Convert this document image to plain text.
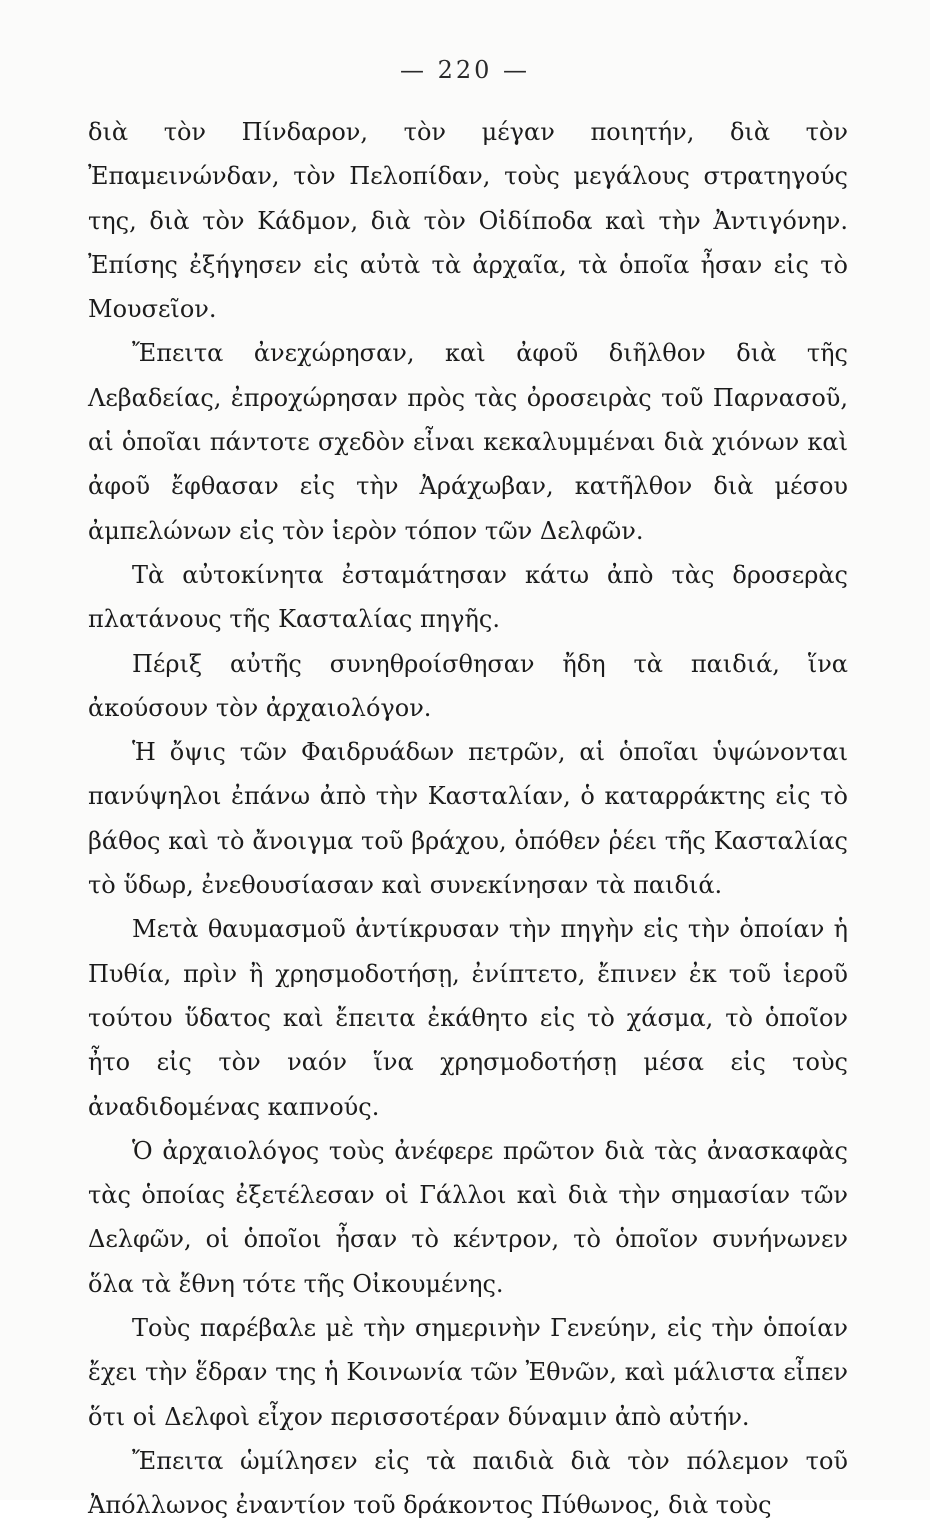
— 220 —

διὰ τὸν Πίνδαρον, τὸν μέγαν ποιητήν, διὰ τὸν Ἐπαμεινώνδαν, τὸν Πελοπίδαν, τοὺς μεγάλους στρατηγούς της, διὰ τὸν Κάδμον, διὰ τὸν Οἰδίποδα καὶ τὴν Ἀντιγόνην. Ἐπίσης ἐξήγησεν εἰς αὐτὰ τὰ ἀρχαῖα, τὰ ὁποῖα ἦσαν εἰς τὸ Μουσεῖον.

Ἔπειτα ἀνεχώρησαν, καὶ ἀφοῦ διῆλθον διὰ τῆς Λεβαδείας, ἐπροχώρησαν πρὸς τὰς ὀροσειρὰς τοῦ Παρνασοῦ, αἱ ὁποῖαι πάντοτε σχεδὸν εἶναι κεκαλυμμέναι διὰ χιόνων καὶ ἀφοῦ ἔφθασαν εἰς τὴν Ἀράχωβαν, κατῆλθον διὰ μέσου ἀμπελώνων εἰς τὸν ἱερὸν τόπον τῶν Δελφῶν.

Τὰ αὐτοκίνητα ἐσταμάτησαν κάτω ἀπὸ τὰς δροσερὰς πλατάνους τῆς Κασταλίας πηγῆς.

Πέριξ αὐτῆς συνηθροίσθησαν ἤδη τὰ παιδιά, ἵνα ἀκούσουν τὸν ἀρχαιολόγον.

Ἡ ὄψις τῶν Φαιδρυάδων πετρῶν, αἱ ὁποῖαι ὑψώνονται πανύψηλοι ἐπάνω ἀπὸ τὴν Κασταλίαν, ὁ καταρράκτης εἰς τὸ βάθος καὶ τὸ ἄνοιγμα τοῦ βράχου, ὁπόθεν ῥέει τῆς Κασταλίας τὸ ὕδωρ, ἐνεθουσίασαν καὶ συνεκίνησαν τὰ παιδιά.

Μετὰ θαυμασμοῦ ἀντίκρυσαν τὴν πηγὴν εἰς τὴν ὁποίαν ἡ Πυθία, πρὶν ἢ χρησμοδοτήσῃ, ἐνίπτετο, ἔπινεν ἐκ τοῦ ἱεροῦ τούτου ὕδατος καὶ ἔπειτα ἐκάθητο εἰς τὸ χάσμα, τὸ ὁποῖον ἦτο εἰς τὸν ναόν ἵνα χρησμοδοτήσῃ μέσα εἰς τοὺς ἀναδιδομένας καπνούς.

Ὁ ἀρχαιολόγος τοὺς ἀνέφερε πρῶτον διὰ τὰς ἀνασκαφὰς τὰς ὁποίας ἐξετέλεσαν οἱ Γάλλοι καὶ διὰ τὴν σημασίαν τῶν Δελφῶν, οἱ ὁποῖοι ἦσαν τὸ κέντρον, τὸ ὁποῖον συνήνωνεν ὅλα τὰ ἔθνη τότε τῆς Οἰκουμένης.

Τοὺς παρέβαλε μὲ τὴν σημερινὴν Γενεύην, εἰς τὴν ὁποίαν ἔχει τὴν ἕδραν της ἡ Κοινωνία τῶν Ἐθνῶν, καὶ μάλιστα εἶπεν ὅτι οἱ Δελφοὶ εἶχον περισσοτέραν δύναμιν ἀπὸ αὐτήν.

Ἔπειτα ὡμίλησεν εἰς τὰ παιδιὰ διὰ τὸν πόλεμον τοῦ Ἀπόλλωνος ἐναντίον τοῦ δράκοντος Πύθωνος, διὰ τοὺς
